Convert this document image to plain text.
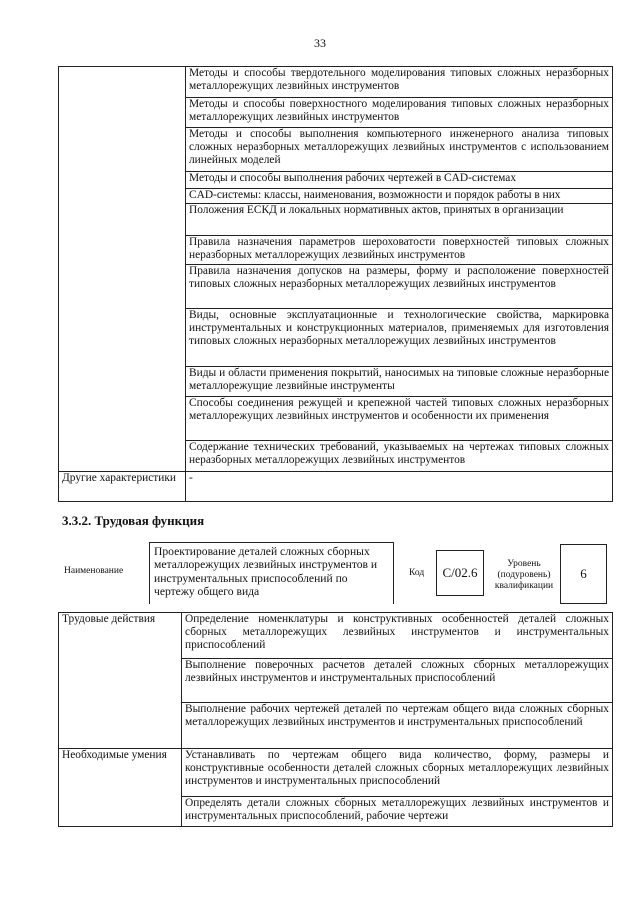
33
	Методы и способы твердотельного моделирования типовых сложных неразборных металлорежущих лезвийных инструментов
	Методы и способы поверхностного моделирования типовых сложных неразборных металлорежущих лезвийных инструментов
	Методы и способы выполнения компьютерного инженерного анализа типовых сложных неразборных металлорежущих лезвийных инструментов с использованием линейных моделей
	Методы и способы выполнения рабочих чертежей в CAD-системах
	CAD-системы: классы, наименования, возможности и порядок работы в них
	Положения ЕСКД и локальных нормативных актов, принятых в организации
	Правила назначения параметров шероховатости поверхностей типовых сложных неразборных металлорежущих лезвийных инструментов
	Правила назначения допусков на размеры, форму и расположение поверхностей типовых сложных неразборных металлорежущих лезвийных инструментов
	Виды, основные эксплуатационные и технологические свойства, маркировка инструментальных и конструкционных материалов, применяемых для изготовления типовых сложных неразборных металлорежущих лезвийных инструментов
	Виды и области применения покрытий, наносимых на типовые сложные неразборные металлорежущие лезвийные инструменты
	Способы соединения режущей и крепежной частей типовых сложных неразборных металлорежущих лезвийных инструментов и особенности их применения
	Содержание технических требований, указываемых на чертежах типовых сложных неразборных металлорежущих лезвийных инструментов
Другие характеристики	-
3.3.2. Трудовая функция
Наименование
Проектирование деталей сложных сборных металлорежущих лезвийных инструментов и инструментальных приспособлений по чертежу общего вида
Код C/02.6
Уровень (подуровень) квалификации
6
Трудовые действия	Определение номенклатуры и конструктивных особенностей деталей сложных сборных металлорежущих лезвийных инструментов и инструментальных приспособлений
	Выполнение поверочных расчетов деталей сложных сборных металлорежущих лезвийных инструментов и инструментальных приспособлений
	Выполнение рабочих чертежей деталей по чертежам общего вида сложных сборных металлорежущих лезвийных инструментов и инструментальных приспособлений
Необходимые умения	Устанавливать по чертежам общего вида количество, форму, размеры и конструктивные особенности деталей сложных сборных металлорежущих лезвийных инструментов и инструментальных приспособлений
	Определять детали сложных сборных металлорежущих лезвийных инструментов и инструментальных приспособлений, рабочие чертежи
